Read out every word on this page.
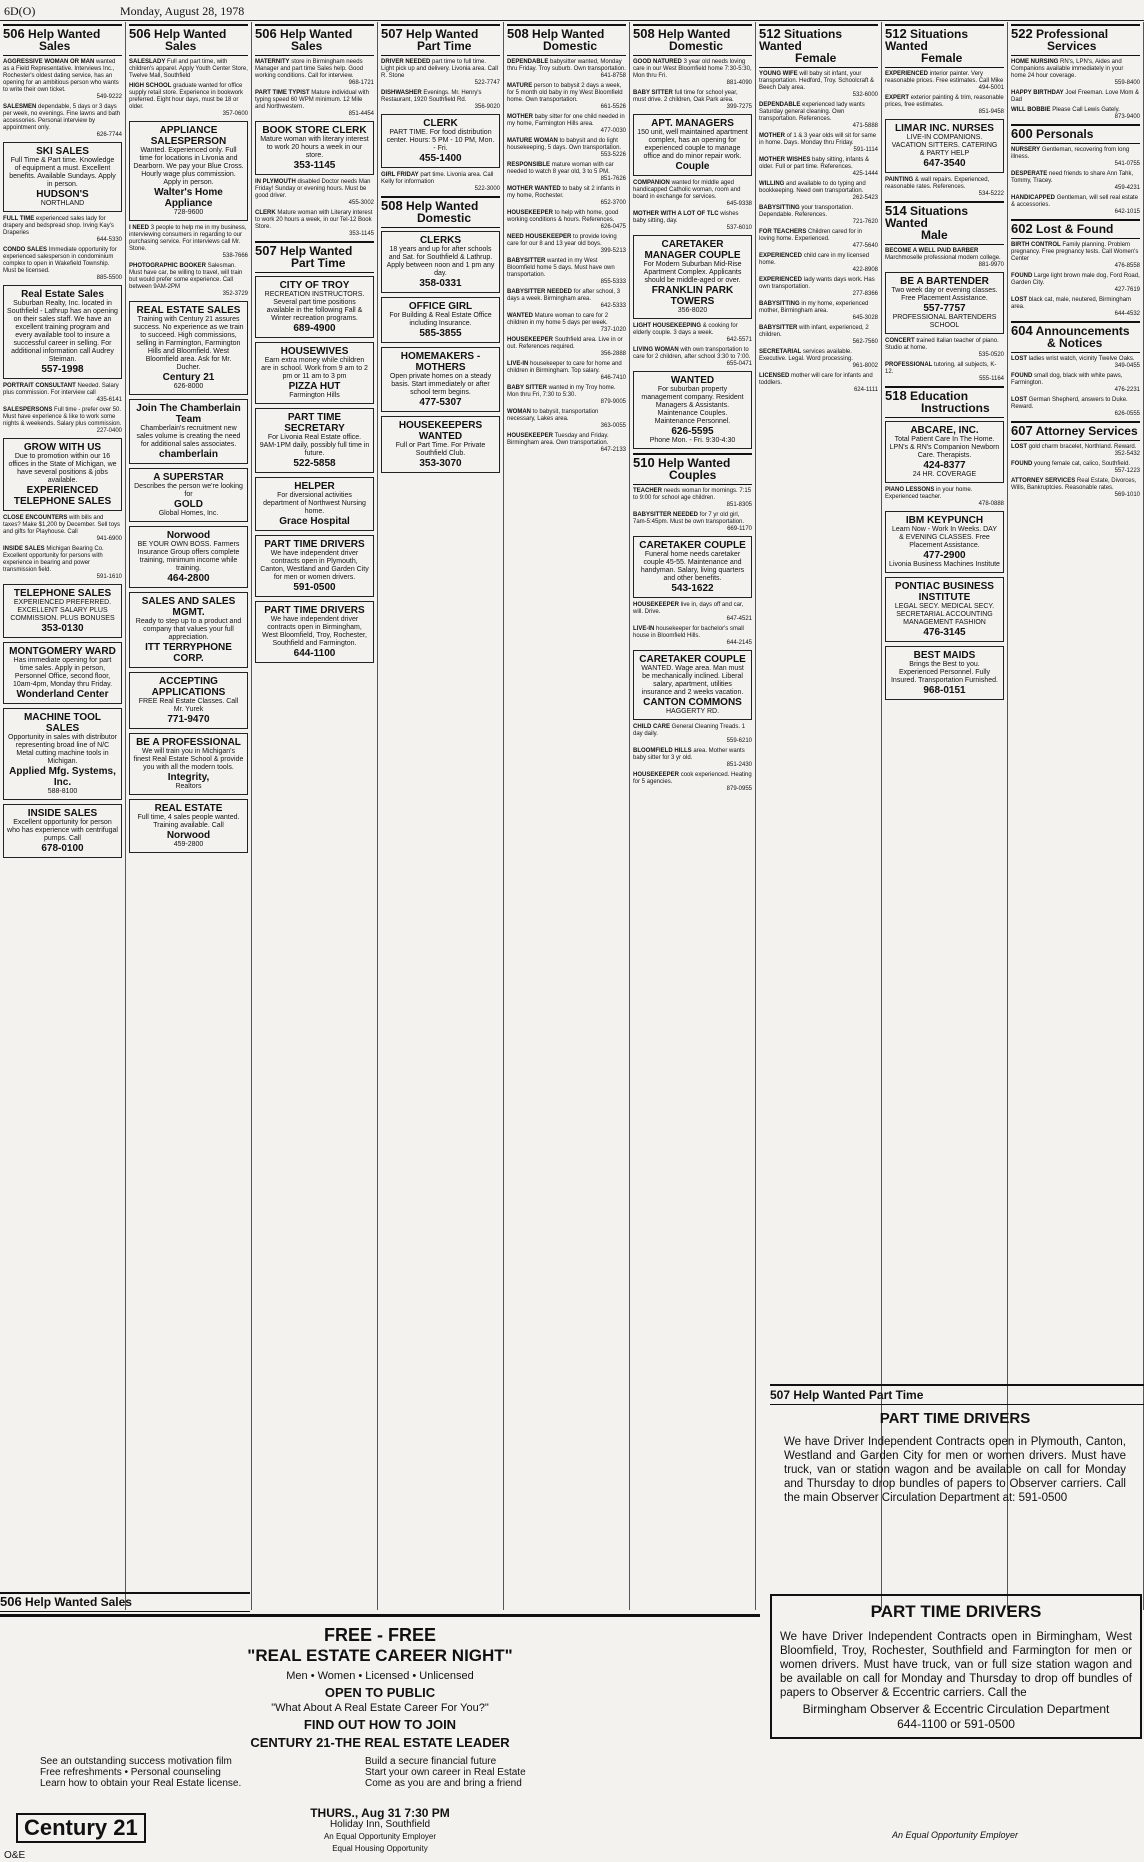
6D(O)	Monday, August 28, 1978
506 Help Wanted
Sales
AGGRESSIVE WOMAN OR MAN wanted as a Field Representative. Interviews Inc., Rochester's oldest dating service, has an opening for an ambitious person who wants to write their own ticket.
549-9222
SALESMEN dependable, 5 days or 3 days per week, no evenings. Fine lawns and bath accessories. Personal interview by appointment only.
626-7744
SKI SALES
Full Time & Part time. Knowledge of equipment a must. Excellent benefits. Available Sundays. Apply in person.
HUDSON'S
NORTHLAND
FULL TIME experienced sales lady for drapery and bedspread shop. Irving Kay's Draperies
644-5330
CONDO SALES Immediate opportunity for experienced salesperson in condominium complex to open in Wakefield Township. Must be licensed.
885-5500
Real Estate Sales
Suburban Realty, Inc. located in Southfield - Lathrup has an opening on their sales staff. We have an excellent training program and every available tool to insure a successful career in selling. For additional information call Audrey Steiman.
557-1998
PORTRAIT CONSULTANT Needed. Salary plus commission. For interview call
435-6141
SALESPERSONS Full time - prefer over 50. Must have experience & like to work some nights & weekends. Salary plus commission.
227-0400
GROW WITH US
Due to promotion within our 16 offices in the State of Michigan, we have several positions & jobs available.
EXPERIENCED TELEPHONE SALES
CLOSE ENCOUNTERS with bills and taxes? Make $1,200 by December. Sell toys and gifts for Playhouse. Call
941-6900
INSIDE SALES Michigan Bearing Co. Excellent opportunity for persons with experience in bearing and power transmission field.
591-1610
TELEPHONE SALES
EXPERIENCED PREFERRED. EXCELLENT SALARY PLUS COMMISSION. PLUS BONUSES
353-0130
MONTGOMERY WARD
Has immediate opening for part time sales. Apply in person, Personnel Office, second floor, 10am-4pm, Monday thru Friday.
Wonderland Center
MACHINE TOOL SALES
Opportunity in sales with distributor representing broad line of N/C Metal cutting machine tools in Michigan.
Applied Mfg. Systems, Inc.
588-8100
INSIDE SALES
Excellent opportunity for person who has experience with centrifugal pumps. Call
678-0100
506 Help Wanted
Sales
SALESLADY Full and part time, with children's apparel. Apply Youth Center Store, Twelve Mall, Southfield
HIGH SCHOOL graduate wanted for office supply retail store. Experience in bookwork preferred. Eight hour days, must be 18 or older.
357-0600
APPLIANCE SALESPERSON
Wanted. Experienced only. Full time for locations in Livonia and Dearborn. We pay your Blue Cross. Hourly wage plus commission. Apply in person.
Walter's Home Appliance
728-9600
I NEED 3 people to help me in my business, interviewing consumers in regarding to our purchasing service. For interviews call Mr. Stone.
538-7666
PHOTOGRAPHIC BOOKER Salesman. Must have car, be willing to travel, will train but would prefer some experience. Call between 9AM-2PM
352-3729
REAL ESTATE SALES
Training with Century 21 assures success. No experience as we train to succeed. High commissions, selling in Farmington, Farmington Hills and Bloomfield. West Bloomfield area. Ask for Mr. Ducher.
Century 21
626-8000
Join The Chamberlain Team
Chamberlain's recruitment new sales volume is creating the need for additional sales associates.
chamberlain
A SUPERSTAR
Describes the person we're looking for
GOLD
Global Homes, Inc.
Norwood
BE YOUR OWN BOSS. Farmers Insurance Group offers complete training, minimum income while training.
464-2800
SALES AND SALES MGMT.
Ready to step up to a product and company that values your full appreciation.
ITT TERRYPHONE CORP.
ACCEPTING APPLICATIONS
FREE Real Estate Classes. Call Mr. Yurek
771-9470
BE A PROFESSIONAL
We will train you in Michigan's finest Real Estate School & provide you with all the modern tools.
Integrity,
Realtors
REAL ESTATE
Full time, 4 sales people wanted. Training available. Call
Norwood
459-2800
506 Help Wanted
Sales
MATERNITY store in Birmingham needs Manager and part time Sales help. Good working conditions. Call for interview.
968-1721
PART TIME TYPIST Mature individual with typing speed 60 WPM minimum. 12 Mile and Northwestern.
851-4454
BOOK STORE CLERK
Mature woman with literary interest to work 20 hours a week in our store.
353-1145
IN PLYMOUTH disabled Doctor needs Man Friday! Sunday or evening hours. Must be good driver.
455-3002
CLERK Mature woman with Literary interest to work 20 hours a week, in our Tel-12 Book Store.
353-1145
507 Help Wanted
Part Time
CITY OF TROY
RECREATION INSTRUCTORS. Several part time positions available in the following Fall & Winter recreation programs.
689-4900
HOUSEWIVES
Earn extra money while children are in school. Work from 9 am to 2 pm or 11 am to 3 pm
PIZZA HUT
Farmington Hills
PART TIME SECRETARY
For Livonia Real Estate office. 9AM-1PM daily, possibly full time in future.
522-5858
HELPER
For diversional activities department of Northwest Nursing home.
Grace Hospital
PART TIME DRIVERS
We have independent driver contracts open in Plymouth, Canton, Westland and Garden City for men or women drivers.
591-0500
PART TIME DRIVERS
We have independent driver contracts open in Birmingham, West Bloomfield, Troy, Rochester, Southfield and Farmington.
644-1100
507 Help Wanted
Part Time
DRIVER NEEDED part time to full time. Light pick up and delivery. Livonia area. Call R. Stone
522-7747
DISHWASHER Evenings. Mr. Henry's Restaurant, 1920 Southfield Rd.
356-9020
CLERK
PART TIME. For food distribution center. Hours: 5 PM - 10 PM, Mon. - Fri.
455-1400
GIRL FRIDAY part time. Livonia area. Call Kelly for information
522-3000
508 Help Wanted
Domestic
CLERKS
18 years and up for after schools and Sat. for Southfield & Lathrup. Apply between noon and 1 pm any day.
358-0331
OFFICE GIRL
For Building & Real Estate Office including Insurance.
585-3855
HOMEMAKERS - MOTHERS
Open private homes on a steady basis. Start immediately or after school term begins.
477-5307
HOUSEKEEPERS WANTED
Full or Part Time. For Private Southfield Club.
353-3070
508 Help Wanted
Domestic
DEPENDABLE babysitter wanted, Monday thru Friday. Troy suburb. Own transportation.
641-8758
MATURE person to babysit 2 days a week, for 5 month old baby in my West Bloomfield home. Own transportation.
661-5526
MOTHER baby sitter for one child needed in my home, Farmington Hills area.
477-0030
MATURE WOMAN to babysit and do light housekeeping, 5 days. Own transportation.
553-5226
RESPONSIBLE mature woman with car needed to watch 8 year old, 3 to 5 PM.
851-7626
MOTHER WANTED to baby sit 2 infants in my home, Rochester.
652-3700
HOUSEKEEPER to help with home, good working conditions & hours. References.
626-0475
NEED HOUSEKEEPER to provide loving care for our 8 and 13 year old boys.
399-5213
BABYSITTER wanted in my West Bloomfield home 5 days. Must have own transportation.
855-5333
BABYSITTER NEEDED for after school, 3 days a week. Birmingham area.
642-5333
WANTED Mature woman to care for 2 children in my home 5 days per week.
737-1020
HOUSEKEEPER Southfield area. Live in or out. References required.
356-2888
LIVE-IN housekeeper to care for home and children in Birmingham. Top salary.
646-7410
BABY SITTER wanted in my Troy home. Mon thru Fri, 7:30 to 5:30.
879-9005
WOMAN to babysit, transportation necessary, Lakes area.
363-0055
HOUSEKEEPER Tuesday and Friday. Birmingham area. Own transportation.
647-2133
508 Help Wanted
Domestic
GOOD NATURED 3 year old needs loving care in our West Bloomfield home 7:30-5:30, Mon thru Fri.
881-4090
BABY SITTER full time for school year, must drive. 2 children, Oak Park area.
399-7275
APT. MANAGERS
150 unit, well maintained apartment complex, has an opening for experienced couple to manage office and do minor repair work.
Couple
COMPANION wanted for middle aged handicapped Catholic woman, room and board in exchange for services.
645-9338
MOTHER WITH A LOT OF TLC wishes baby sitting, day.
537-6010
CARETAKER MANAGER COUPLE
For Modern Suburban Mid-Rise Apartment Complex. Applicants should be middle-aged or over.
FRANKLIN PARK TOWERS
356-8020
LIGHT HOUSEKEEPING & cooking for elderly couple. 3 days a week.
642-5571
LIVING WOMAN with own transportation to care for 2 children, after school 3:30 to 7:00.
655-0471
WANTED
For suburban property management company. Resident Managers & Assistants. Maintenance Couples. Maintenance Personnel.
626-5595
Phone Mon. - Fri. 9:30-4:30
510 Help Wanted
Couples
TEACHER needs woman for mornings. 7:15 to 9:00 for school age children.
851-8305
BABYSITTER NEEDED for 7 yr old girl, 7am-5:45pm. Must be own transportation.
669-1170
CARETAKER COUPLE
Funeral home needs caretaker couple 45-55. Maintenance and handyman. Salary, living quarters and other benefits.
543-1622
HOUSEKEEPER live in, days off and car, will. Drive.
647-4521
LIVE-IN housekeeper for bachelor's small house in Bloomfield Hills.
644-2145
CARETAKER COUPLE
WANTED. Wage area. Man must be mechanically inclined. Liberal salary, apartment, utilities insurance and 2 weeks vacation.
CANTON COMMONS
HAGGERTY RD.
CHILD CARE General Cleaning Treads. 1 day daily.
559-6210
BLOOMFIELD HILLS area. Mother wants baby sitter for 3 yr old.
851-2430
HOUSEKEEPER cook experienced. Heating for 5 agencies.
879-0955
512 Situations Wanted
Female
YOUNG WIFE will baby sit infant, your transportation. Hedford, Troy. Schoolcraft & Beech Daly area.
532-6000
DEPENDABLE experienced lady wants Saturday general cleaning. Own transportation. References.
471-5888
MOTHER of 1 & 3 year olds will sit for same in home. Days. Monday thru Friday.
591-1114
MOTHER WISHES baby sitting, infants & older. Full or part time. References.
425-1444
WILLING and available to do typing and bookkeeping. Need own transportation.
262-5423
BABYSITTING your transportation. Dependable. References.
721-7620
FOR TEACHERS Children cared for in loving home. Experienced.
477-5640
EXPERIENCED child care in my licensed home.
422-8908
EXPERIENCED lady wants days work. Has own transportation.
277-8366
BABYSITTING in my home, experienced mother, Birmingham area.
645-3028
BABYSITTER with infant, experienced, 2 children.
562-7560
SECRETARIAL services available. Executive. Legal. Word processing.
961-8002
LICENSED mother will care for infants and toddlers.
624-1111
512 Situations Wanted
Female
EXPERIENCED interior painter. Very reasonable prices. Free estimates. Call Mike
494-5001
EXPERT exterior painting & trim, reasonable prices, free estimates.
851-9458
LIMAR INC. NURSES
LIVE-IN COMPANIONS. VACATION SITTERS. CATERING & PARTY HELP
647-3540
PAINTING & wall repairs. Experienced, reasonable rates. References.
534-5222
514 Situations Wanted
Male
BECOME A WELL PAID BARBER Marchmoselle professional modern college.
881-9970
BE A BARTENDER
Two week day or evening classes. Free Placement Assistance.
557-7757
PROFESSIONAL BARTENDERS SCHOOL
CONCERT trained Italian teacher of piano. Studio at home.
535-0520
PROFESSIONAL tutoring, all subjects, K-12.
555-1164
518 Education
Instructions
ABCARE, INC.
Total Patient Care In The Home. LPN's & RN's Companion Newborn Care. Therapists.
424-8377
24 HR. COVERAGE
PIANO LESSONS in your home. Experienced teacher.
478-0888
IBM KEYPUNCH
Learn Now - Work In Weeks. DAY & EVENING CLASSES. Free Placement Assistance.
477-2900
Livonia Business Machines Institute
PONTIAC BUSINESS INSTITUTE
LEGAL SECY. MEDICAL SECY. SECRETARIAL ACCOUNTING MANAGEMENT FASHION
476-3145
BEST MAIDS
Brings the Best to you. Experienced Personnel. Fully Insured. Transportation Furnished.
968-0151
522 Professional
Services
HOME NURSING RN's, LPN's, Aides and Companions available immediately in your home 24 hour coverage.
559-8400
HAPPY BIRTHDAY Joel Freeman. Love Mom & Dad
WILL BOBBIE Please Call Lewis Gately.
873-9400
600 Personals
NURSERY Gentleman, recovering from long illness.
541-0755
DESPERATE need friends to share Ann Tahk, Tommy, Tracey.
459-4231
HANDICAPPED Gentleman, will sell real estate & accessories.
642-1015
602 Lost & Found
BIRTH CONTROL Family planning. Problem pregnancy. Free pregnancy tests. Call Women's Center
476-8558
FOUND Large light brown male dog, Ford Road, Garden City.
427-7619
LOST black cat, male, neutered, Birmingham area.
644-4532
604 Announcements
& Notices
LOST ladies wrist watch, vicinity Twelve Oaks.
349-0455
FOUND small dog, black with white paws, Farmington.
476-2231
LOST German Shepherd, answers to Duke. Reward.
626-0555
607 Attorney Services
LOST gold charm bracelet, Northland. Reward.
352-5432
FOUND young female cat, calico, Southfield.
557-1223
ATTORNEY SERVICES Real Estate, Divorces, Wills, Bankruptcies. Reasonable rates.
569-1010
506 Help Wanted Sales
FREE - FREE
"REAL ESTATE CAREER NIGHT"
Men • Women • Licensed • Unlicensed
OPEN TO PUBLIC
"What About A Real Estate Career For You?"
FIND OUT HOW TO JOIN
CENTURY 21-THE REAL ESTATE LEADER
See an outstanding success motivation film
Free refreshments • Personal counseling
Learn how to obtain your Real Estate license.
Build a secure financial future
Start your own career in Real Estate
Come as you are and bring a friend
Century 21
THURS., Aug 31 7:30 PM
Holiday Inn, Southfield
An Equal Opportunity Employer
Equal Housing Opportunity
507 Help Wanted Part Time
PART TIME DRIVERS
We have Driver Independent Contracts open in Plymouth, Canton, Westland and Garden City for men or women drivers. Must have truck, van or station wagon and be available on call for Monday and Thursday to drop bundles of papers to Observer carriers. Call the main Observer Circulation Department at: 591-0500
PART TIME DRIVERS
We have Driver Independent Contracts open in Birmingham, West Bloomfield, Troy, Rochester, Southfield and Farmington for men or women drivers. Must have truck, van or full size station wagon and be available on call for Monday and Thursday to drop off bundles of papers to Observer & Eccentric carriers. Call the
Birmingham Observer & Eccentric Circulation Department
644-1100 or 591-0500
An Equal Opportunity Employer
O&E
